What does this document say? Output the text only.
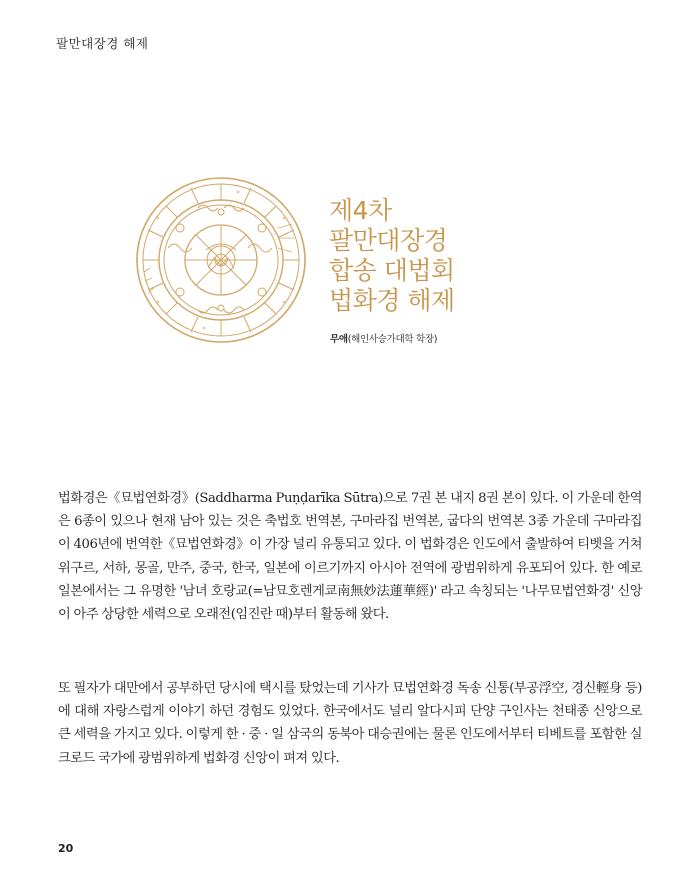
팔만대장경 해제
제4차
팔만대장경
합송 대법회
법화경 해제
무애(해인사승가대학 학장)

법화경은《묘법연화경》(Saddharma Puṇḍarīka Sūtra)으로 7권 본 내지 8권 본이 있다. 이 가운데 한역은 6종이 있으나 현재 남아 있는 것은 축법호 번역본, 구마라집 번역본, 굽다의 번역본 3종 가운데 구마라집이 406년에 번역한《묘법연화경》이 가장 널리 유통되고 있다. 이 법화경은 인도에서 출발하여 티벳을 거쳐 위구르, 서하, 몽골, 만주, 중국, 한국, 일본에 이르기까지 아시아 전역에 광범위하게 유포되어 있다. 한 예로 일본에서는 그 유명한 '남녀 호랑교(=남묘호렌게쿄南無妙法蓮華經)' 라고 속칭되는 '나무묘법연화경' 신앙이 아주 상당한 세력으로 오래전(임진란 때)부터 활동해 왔다.

또 필자가 대만에서 공부하던 당시에 택시를 탔었는데 기사가 묘법연화경 독송 신통(부공浮空, 경신輕身 등)에 대해 자랑스럽게 이야기 하던 경험도 있었다. 한국에서도 널리 알다시피 단양 구인사는 천태종 신앙으로 큰 세력을 가지고 있다. 이렇게 한 · 중 · 일 삼국의 동북아 대승권에는 물론 인도에서부터 티베트를 포함한 실크로드 국가에 광범위하게 법화경 신앙이 펴져 있다.

20
